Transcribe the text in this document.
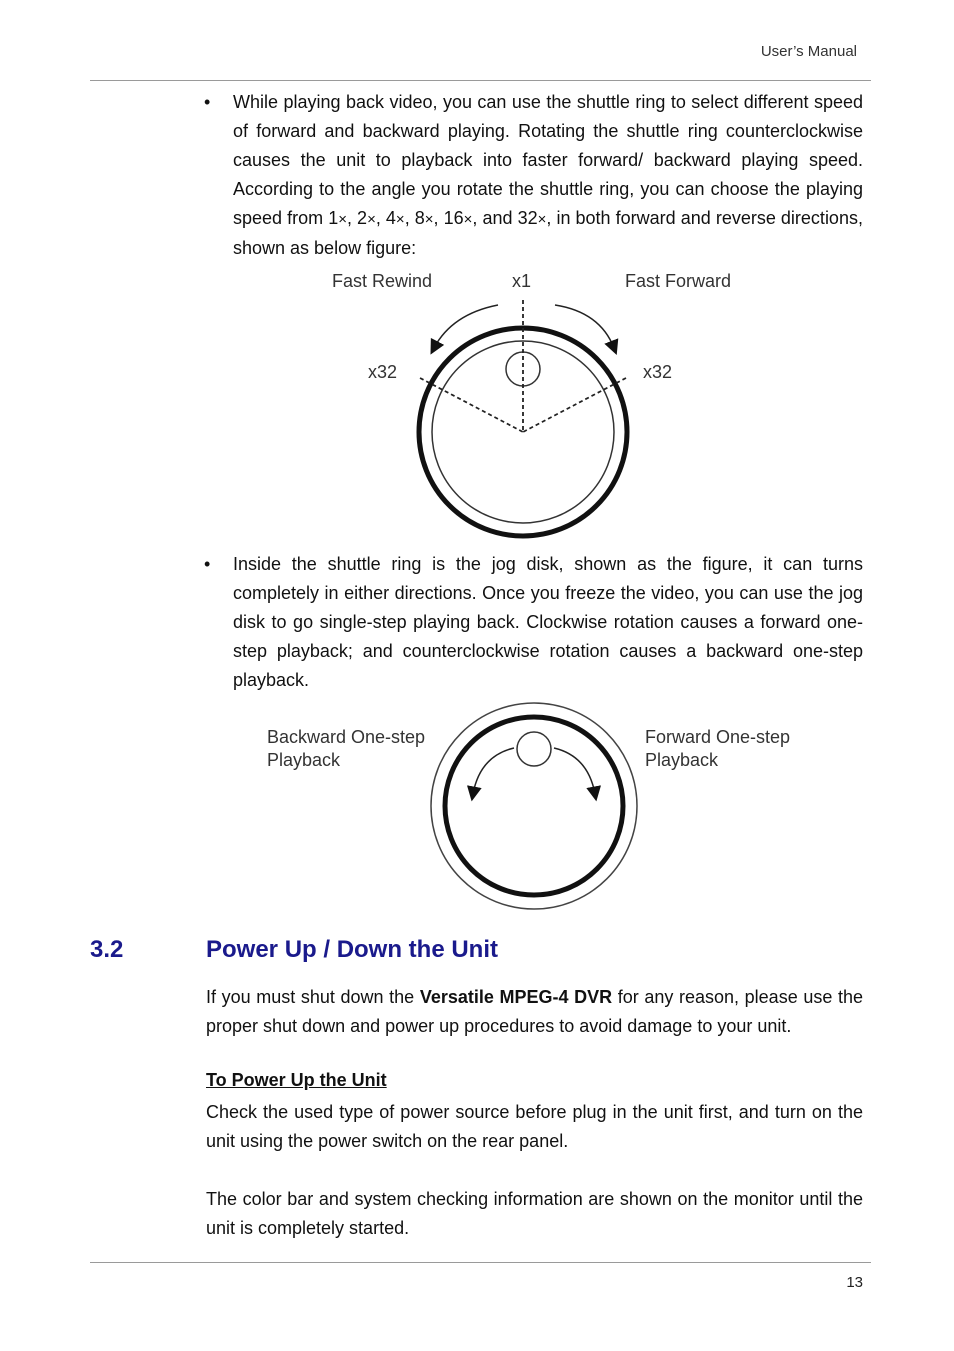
User’s Manual
•	While playing back video, you can use the shuttle ring to select different speed of forward and backward playing. Rotating the shuttle ring counterclockwise causes the unit to playback into faster forward/ backward playing speed. According to the angle you rotate the shuttle ring, you can choose the playing speed from 1×, 2×, 4×, 8×, 16×, and 32×, in both forward and reverse directions, shown as below figure:
Fast Rewind	x1	Fast Forward
x32	x32
•	Inside the shuttle ring is the jog disk, shown as the figure, it can turns completely in either directions. Once you freeze the video, you can use the jog disk to go single-step playing back. Clockwise rotation causes a forward one-step playback; and counterclockwise rotation causes a backward one-step playback.
Backward One-step
Playback
Forward One-step
Playback
3.2	Power Up / Down the Unit
If you must shut down the Versatile MPEG-4 DVR for any reason, please use the proper shut down and power up procedures to avoid damage to your unit.
To Power Up the Unit
Check the used type of power source before plug in the unit first, and turn on the unit using the power switch on the rear panel.
The color bar and system checking information are shown on the monitor until the unit is completely started.
13
